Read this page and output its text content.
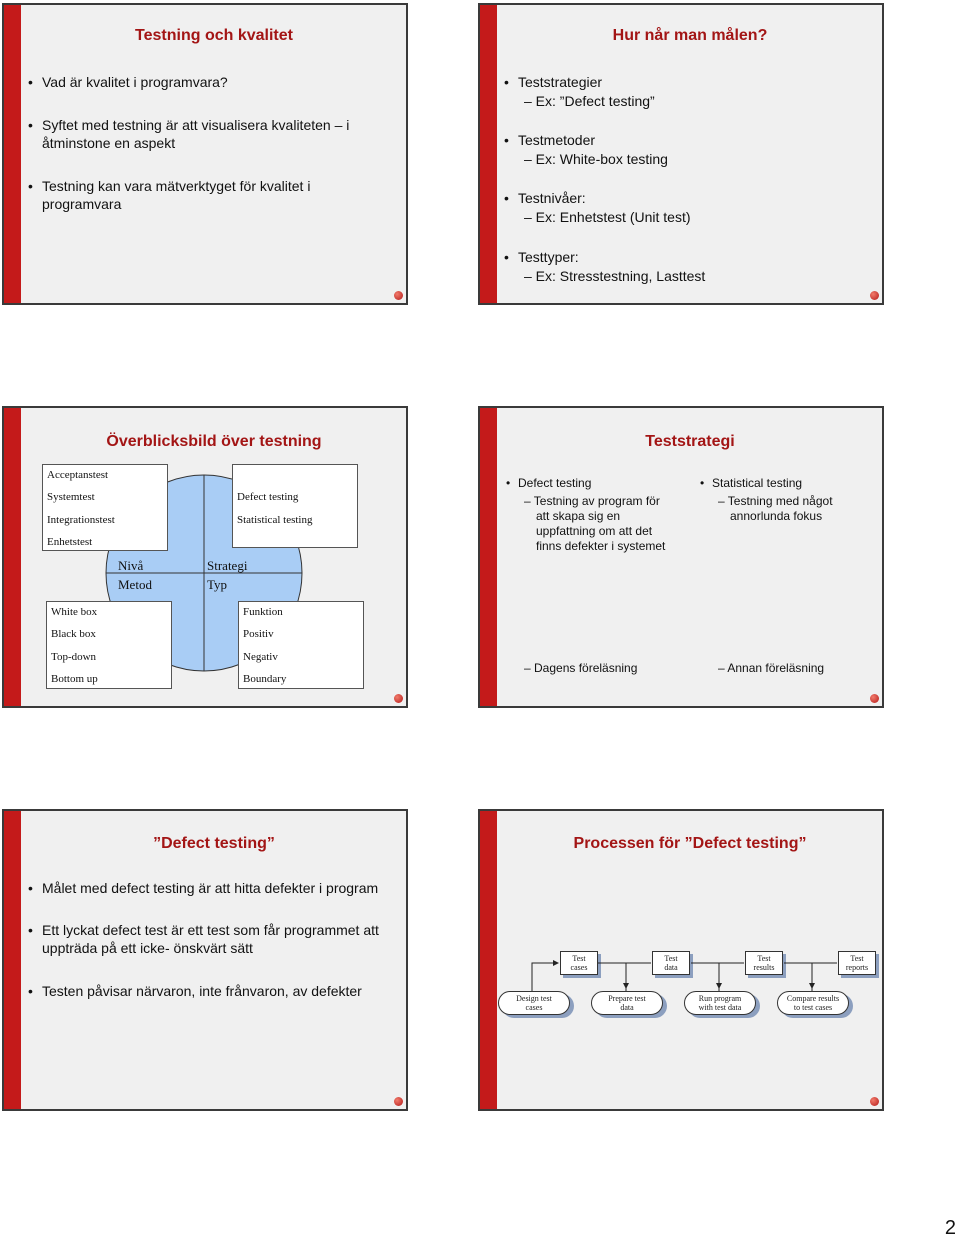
Testning och kvalitet
• Vad är kvalitet i programvara?
• Syftet med testning är att visualisera kvaliteten – i
åtminstone en aspekt
• Testning kan vara mätverktyget för kvalitet i
programvara
Hur når man målen?
• Teststrategier
– Ex: ”Defect testing”
• Testmetoder
– Ex: White-box testing
• Testnivåer:
– Ex: Enhetstest (Unit test)
• Testtyper:
– Ex: Stresstestning, Lasttest
Överblicksbild över testning
Acceptanstest
Systemtest
Integrationstest
Enhetstest
Defect testing
Statistical testing
Nivå
Metod
Strategi
Typ
White box
Black box
Top-down
Bottom up
Funktion
Positiv
Negativ
Boundary
Teststrategi
• Defect testing
– Testning av program för
att skapa sig en
uppfattning om att det
finns defekter i systemet
• Statistical testing
– Testning med något
annorlunda fokus
– Dagens föreläsning	– Annan föreläsning
”Defect testing”
• Målet med defect testing är att hitta defekter i program
• Ett lyckat defect test är ett test som får programmet att
uppträda på ett icke- önskvärt sätt
• Testen påvisar närvaron, inte frånvaron, av defekter
Processen för ”Defect testing”
Test
cases
Test
data
Test
results
Test
reports
Design test
cases
Prepare test
data
Run program
with test data
Compare results
to test cases
2
